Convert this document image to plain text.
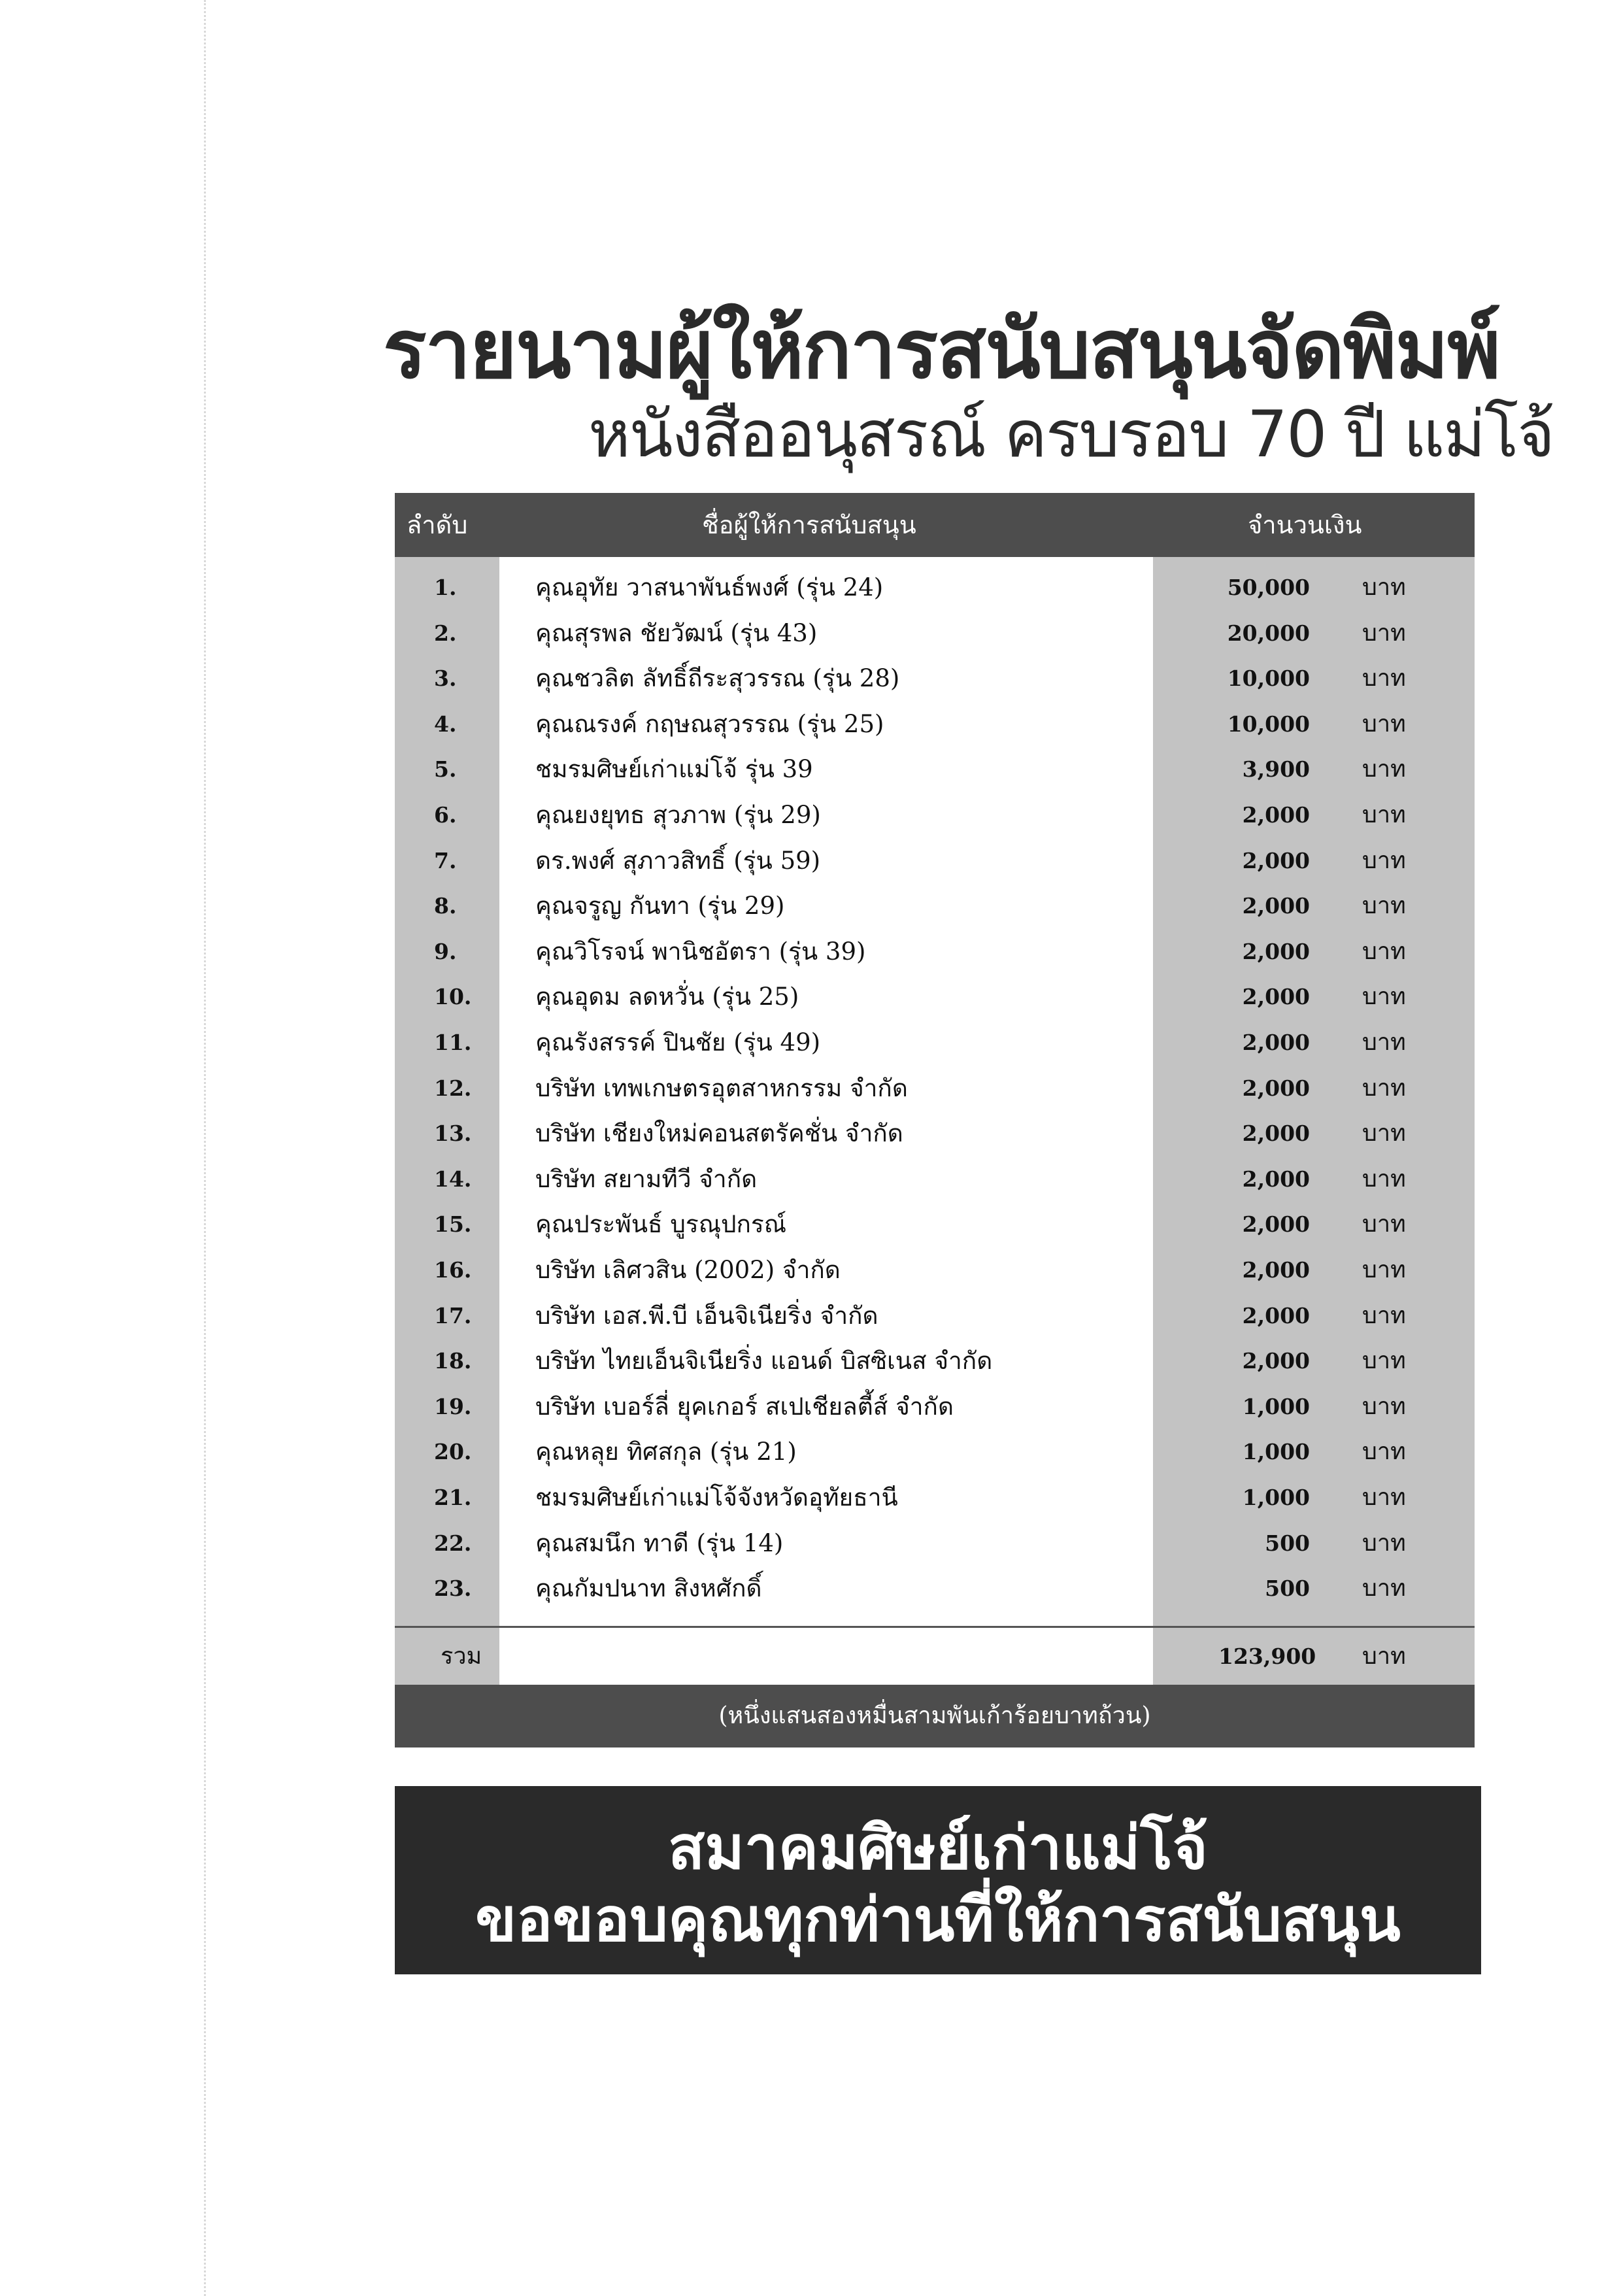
รายนามผู้ให้การสนับสนุนจัดพิมพ์
หนังสืออนุสรณ์ ครบรอบ 70 ปี แม่โจ้
ลำดับ	ชื่อผู้ให้การสนับสนุน	จำนวนเงิน
1.	คุณอุทัย วาสนาพันธ์พงศ์ (รุ่น 24)	50,000 บาท
2.	คุณสุรพล ชัยวัฒน์ (รุ่น 43)	20,000 บาท
3.	คุณชวลิต ลัทธิ์ถีระสุวรรณ (รุ่น 28)	10,000 บาท
4.	คุณณรงค์ กฤษณสุวรรณ (รุ่น 25)	10,000 บาท
5.	ชมรมศิษย์เก่าแม่โจ้ รุ่น 39	3,900 บาท
6.	คุณยงยุทธ สุวภาพ (รุ่น 29)	2,000 บาท
7.	ดร.พงศ์ สุภาวสิทธิ์ (รุ่น 59)	2,000 บาท
8.	คุณจรูญ กันทา (รุ่น 29)	2,000 บาท
9.	คุณวิโรจน์ พานิชอัตรา (รุ่น 39)	2,000 บาท
10.	คุณอุดม ลดหวั่น (รุ่น 25)	2,000 บาท
11.	คุณรังสรรค์ ปินชัย (รุ่น 49)	2,000 บาท
12.	บริษัท เทพเกษตรอุตสาหกรรม จำกัด	2,000 บาท
13.	บริษัท เชียงใหม่คอนสตรัคชั่น จำกัด	2,000 บาท
14.	บริษัท สยามทีวี จำกัด	2,000 บาท
15.	คุณประพันธ์ บูรณุปกรณ์	2,000 บาท
16.	บริษัท เลิศวสิน (2002) จำกัด	2,000 บาท
17.	บริษัท เอส.พี.บี เอ็นจิเนียริ่ง จำกัด	2,000 บาท
18.	บริษัท ไทยเอ็นจิเนียริ่ง แอนด์ บิสซิเนส จำกัด	2,000 บาท
19.	บริษัท เบอร์ลี่ ยุคเกอร์ สเปเชียลตี้ส์ จำกัด	1,000 บาท
20.	คุณหลุย ทิศสกุล (รุ่น 21)	1,000 บาท
21.	ชมรมศิษย์เก่าแม่โจ้จังหวัดอุทัยธานี	1,000 บาท
22.	คุณสมนึก ทาดี (รุ่น 14)	500 บาท
23.	คุณกัมปนาท สิงหศักดิ์	500 บาท
รวม	123,900 บาท
(หนึ่งแสนสองหมื่นสามพันเก้าร้อยบาทถ้วน)
สมาคมศิษย์เก่าแม่โจ้
ขอขอบคุณทุกท่านที่ให้การสนับสนุน
